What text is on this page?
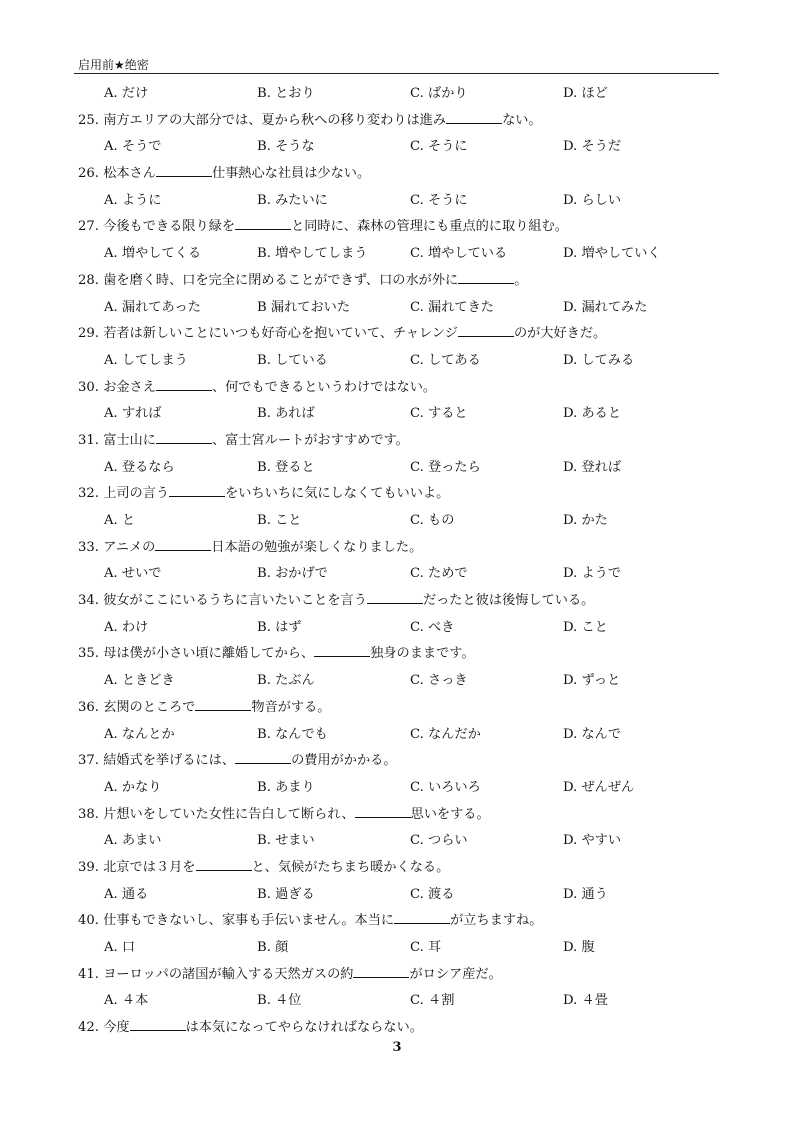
启用前★绝密
A. だけ	B. とおり	C. ばかり	D. ほど
25. 南方エリアの大部分では、夏から秋への移り変わりは進み	ない。
A. そうで	B. そうな	C. そうに	D. そうだ
26. 松本さん	仕事熱心な社員は少ない。
A. ように	B. みたいに	C. そうに	D. らしい
27. 今後もできる限り緑を	と同時に、森林の管理にも重点的に取り組む。
A. 増やしてくる	B. 増やしてしまう	C. 増やしている	D. 増やしていく
28. 歯を磨く時、口を完全に閉めることができず、口の水が外に	。
A. 漏れてあった	B 漏れておいた	C. 漏れてきた	D. 漏れてみた
29. 若者は新しいことにいつも好奇心を抱いていて、チャレンジ	のが大好きだ。
A. してしまう	B. している	C. してある	D. してみる
30. お金さえ	、何でもできるというわけではない。
A. すれば	B. あれば	C. すると	D. あると
31. 富士山に	、富士宮ルートがおすすめです。
A. 登るなら	B. 登ると	C. 登ったら	D. 登れば
32. 上司の言う	をいちいちに気にしなくてもいいよ。
A. と	B. こと	C. もの	D. かた
33. アニメの	日本語の勉強が楽しくなりました。
A. せいで	B. おかげで	C. ためで	D. ようで
34. 彼女がここにいるうちに言いたいことを言う	だったと彼は後悔している。
A. わけ	B. はず	C. べき	D. こと
35. 母は僕が小さい頃に離婚してから、	独身のままです。
A. ときどき	B. たぶん	C. さっき	D. ずっと
36. 玄関のところで	物音がする。
A. なんとか	B. なんでも	C. なんだか	D. なんで
37. 結婚式を挙げるには、	の費用がかかる。
A. かなり	B. あまり	C. いろいろ	D. ぜんぜん
38. 片想いをしていた女性に告白して断られ、	思いをする。
A. あまい	B. せまい	C. つらい	D. やすい
39. 北京では３月を	と、気候がたちまち暖かくなる。
A. 通る	B. 過ぎる	C. 渡る	D. 通う
40. 仕事もできないし、家事も手伝いません。本当に	が立ちますね。
A. 口	B. 顔	C. 耳	D. 腹
41. ヨーロッパの諸国が輸入する天然ガスの約	がロシア産だ。
A. ４本	B. ４位	C. ４割	D. ４畳
42. 今度	は本気になってやらなければならない。
3
